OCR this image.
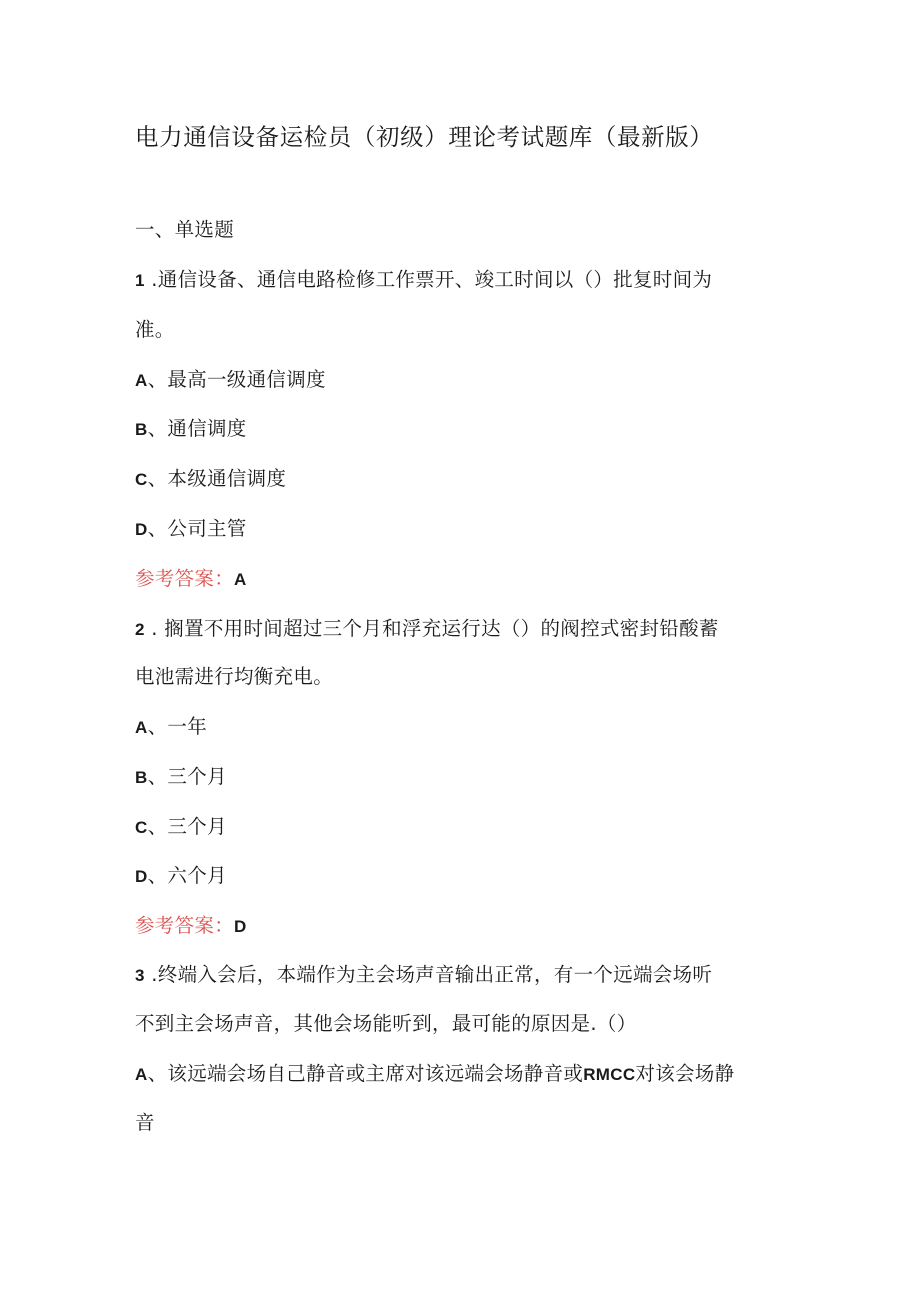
电力通信设备运检员（初级）理论考试题库（最新版）
一、单选题
1 .通信设备、通信电路检修工作票开、竣工时间以（）批复时间为
准。
A、最高一级通信调度
B、通信调度
C、本级通信调度
D、公司主管
参考答案：A
2 . 搁置不用时间超过三个月和浮充运行达（）的阀控式密封铅酸蓄
电池需进行均衡充电。
A、一年
B、三个月
C、三个月
D、六个月
参考答案：D
3 .终端入会后，本端作为主会场声音输出正常，有一个远端会场听
不到主会场声音，其他会场能听到，最可能的原因是.（）
A、该远端会场自己静音或主席对该远端会场静音或RMCC对该会场静
音
